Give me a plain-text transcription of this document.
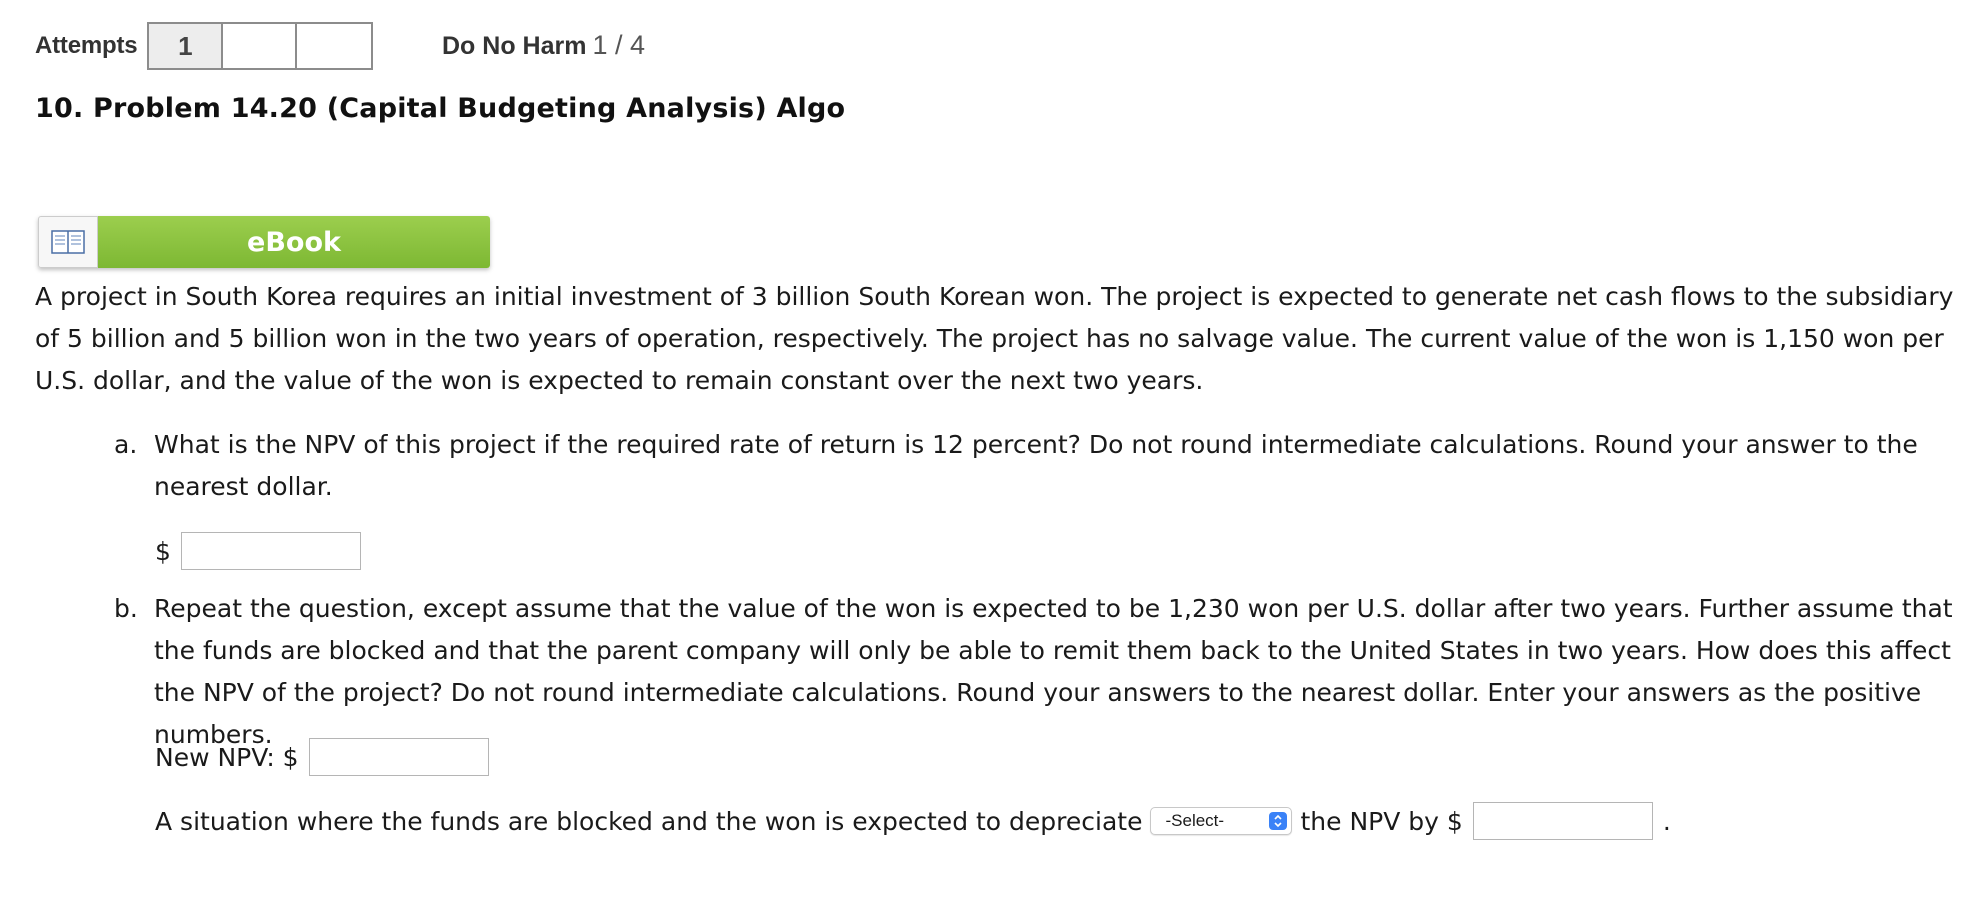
Attempts	1	Do No Harm 1 / 4
10. Problem 14.20 (Capital Budgeting Analysis) Algo
eBook
A project in South Korea requires an initial investment of 3 billion South Korean won. The project is expected to generate net cash flows to the subsidiary of 5 billion and 5 billion won in the two years of operation, respectively. The project has no salvage value. The current value of the won is 1,150 won per U.S. dollar, and the value of the won is expected to remain constant over the next two years.
a. What is the NPV of this project if the required rate of return is 12 percent? Do not round intermediate calculations. Round your answer to the nearest dollar.
$
b. Repeat the question, except assume that the value of the won is expected to be 1,230 won per U.S. dollar after two years. Further assume that the funds are blocked and that the parent company will only be able to remit them back to the United States in two years. How does this affect the NPV of the project? Do not round intermediate calculations. Round your answers to the nearest dollar. Enter your answers as the positive numbers.
New NPV: $
A situation where the funds are blocked and the won is expected to depreciate -Select-	the NPV by $	.
